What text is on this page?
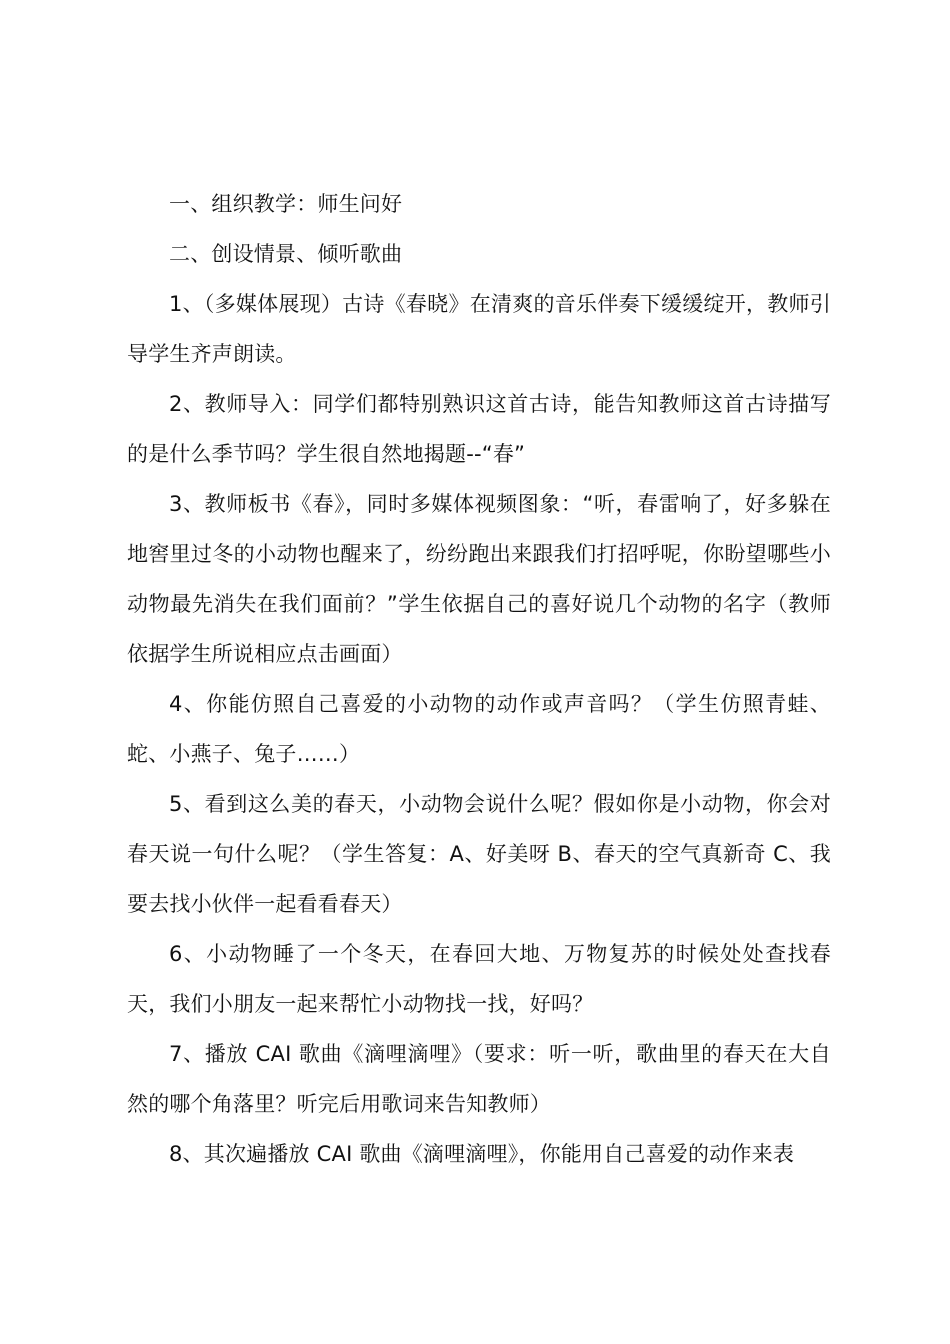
一、组织教学：师生问好

二、创设情景、倾听歌曲

1、（多媒体展现）古诗《春晓》在清爽的音乐伴奏下缓缓绽开，教师引导学生齐声朗读。

2、教师导入：同学们都特别熟识这首古诗，能告知教师这首古诗描写的是什么季节吗？学生很自然地揭题--“春”

3、教师板书《春》，同时多媒体视频图象：“听，春雷响了，好多躲在地窖里过冬的小动物也醒来了，纷纷跑出来跟我们打招呼呢，你盼望哪些小动物最先消失在我们面前？”学生依据自己的喜好说几个动物的名字（教师依据学生所说相应点击画面）

4、你能仿照自己喜爱的小动物的动作或声音吗？（学生仿照青蛙、蛇、小燕子、兔子……）

5、看到这么美的春天，小动物会说什么呢？假如你是小动物，你会对春天说一句什么呢？（学生答复：A、好美呀 B、春天的空气真新奇 C、我要去找小伙伴一起看看春天）

6、小动物睡了一个冬天，在春回大地、万物复苏的时候处处查找春天，我们小朋友一起来帮忙小动物找一找，好吗？

7、播放 CAI 歌曲《滴哩滴哩》（要求：听一听，歌曲里的春天在大自然的哪个角落里？听完后用歌词来告知教师）

8、其次遍播放 CAI 歌曲《滴哩滴哩》，你能用自己喜爱的动作来表
